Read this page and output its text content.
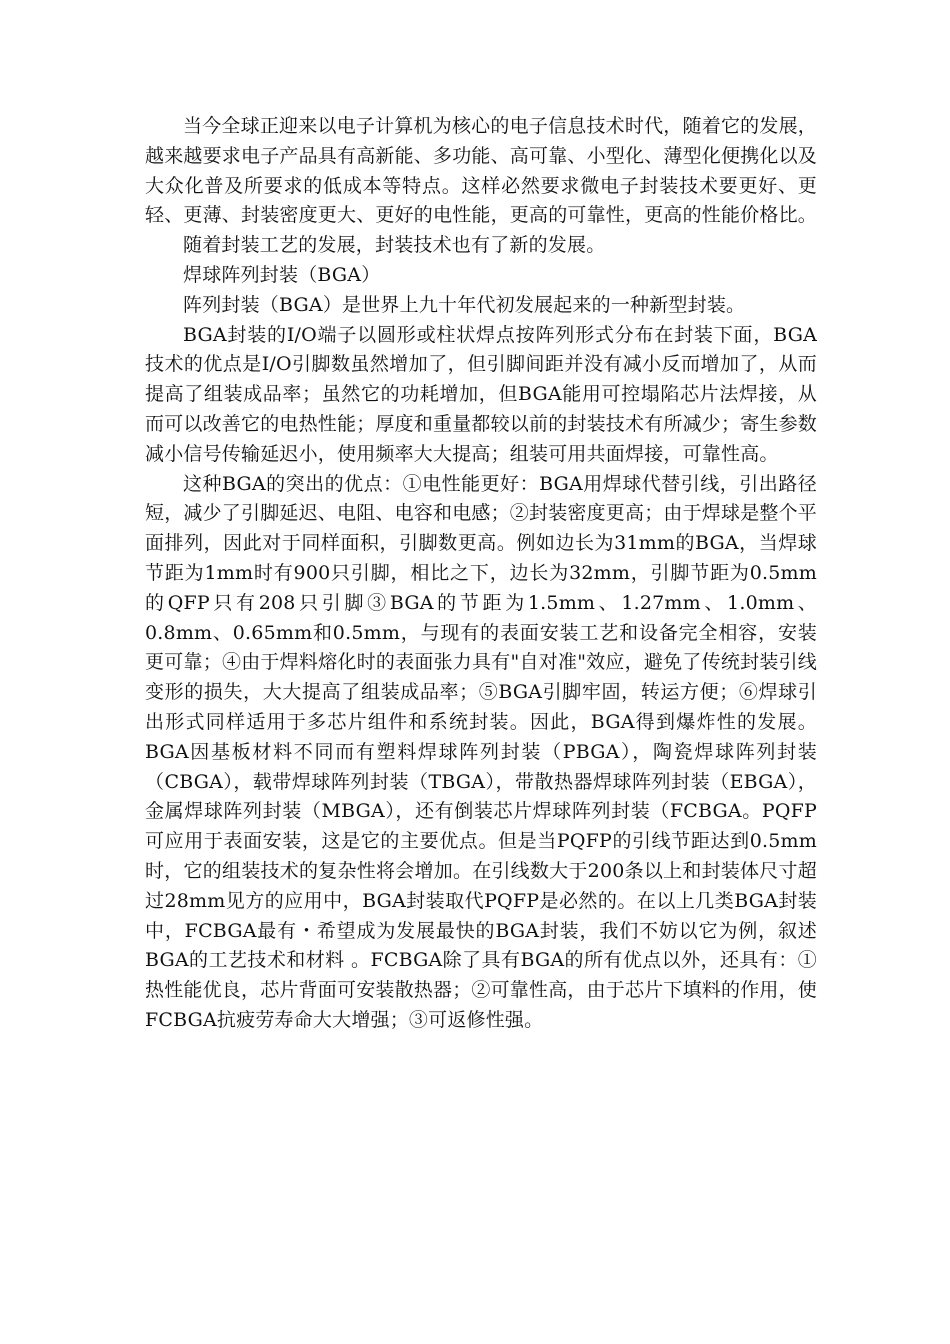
当今全球正迎来以电子计算机为核心的电子信息技术时代，随着它的发展，越来越要求电子产品具有高新能、多功能、高可靠、小型化、薄型化便携化以及大众化普及所要求的低成本等特点。这样必然要求微电子封装技术要更好、更轻、更薄、封装密度更大、更好的电性能，更高的可靠性，更高的性能价格比。

随着封装工艺的发展，封装技术也有了新的发展。

焊球阵列封装（BGA）

阵列封装（BGA）是世界上九十年代初发展起来的一种新型封装。

BGA封装的I/O端子以圆形或柱状焊点按阵列形式分布在封装下面，BGA技术的优点是I/O引脚数虽然增加了，但引脚间距并没有减小反而增加了，从而提高了组装成品率；虽然它的功耗增加，但BGA能用可控塌陷芯片法焊接，从而可以改善它的电热性能；厚度和重量都较以前的封装技术有所减少；寄生参数减小信号传输延迟小，使用频率大大提高；组装可用共面焊接，可靠性高。

这种BGA的突出的优点：①电性能更好：BGA用焊球代替引线，引出路径短，减少了引脚延迟、电阻、电容和电感；②封装密度更高；由于焊球是整个平面排列，因此对于同样面积，引脚数更高。例如边长为31mm的BGA，当焊球节距为1mm时有900只引脚，相比之下，边长为32mm，引脚节距为0.5mm的QFP只有208只引脚③BGA的节距为1.5mm、1.27mm、1.0mm、0.8mm、0.65mm和0.5mm，与现有的表面安装工艺和设备完全相容，安装更可靠；④由于焊料熔化时的表面张力具有"自对准"效应，避免了传统封装引线变形的损失，大大提高了组装成品率；⑤BGA引脚牢固，转运方便；⑥焊球引出形式同样适用于多芯片组件和系统封装。因此，BGA得到爆炸性的发展。BGA因基板材料不同而有塑料焊球阵列封装（PBGA），陶瓷焊球阵列封装（CBGA），载带焊球阵列封装（TBGA），带散热器焊球阵列封装（EBGA），金属焊球阵列封装（MBGA），还有倒装芯片焊球阵列封装（FCBGA。PQFP可应用于表面安装，这是它的主要优点。但是当PQFP的引线节距达到0.5mm时，它的组装技术的复杂性将会增加。在引线数大于200条以上和封装体尺寸超过28mm见方的应用中，BGA封装取代PQFP是必然的。在以上几类BGA封装中，FCBGA最有・希望成为发展最快的BGA封装，我们不妨以它为例，叙述BGA的工艺技术和材料 。FCBGA除了具有BGA的所有优点以外，还具有：①热性能优良，芯片背面可安装散热器；②可靠性高，由于芯片下填料的作用，使FCBGA抗疲劳寿命大大增强；③可返修性强。
